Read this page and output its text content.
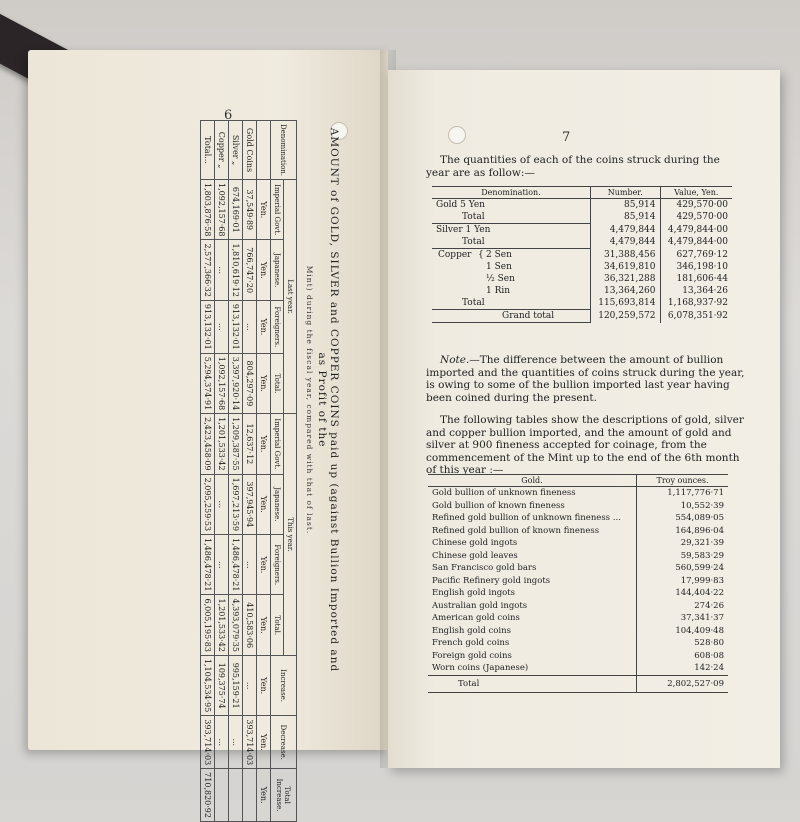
6
AMOUNT of GOLD, SILVER and COPPER COINS paid up (against Bullion Imported and as Profit of the
Mint) during the fiscal year, compared with that of last.
Denomination.	Last year.				This year.				Increase.	Decrease.	Total Increase.
	Imperial Govt.	Japanese.	Foreigners.	Total.	Imperial Govt.	Japanese.	Foreigners.	Total.			
	Yen.	Yen.	Yen.	Yen.	Yen.	Yen.	Yen.	Yen.	Yen.	Yen.	Yen.
Gold Coins	37,549·89	766,747·20	...	804,297·09	12,637·12	397,945·94	...	410,583·06	...	393,714·03	
Silver „	674,169·01	1,810,619·12	913,132·01	3,397,920·14	1,209,387·55	1,697,213·59	1,486,478·21	4,393,079·35	995,159·21	...	
Copper „	1,092,157·68	...	...	1,092,157·68	1,201,533·42	...	...	1,201,533·42	109,375·74	...	
Total...	1,803,876·58	2,577,366·32	913,132·01	5,294,374·91	2,423,458·09	2,095,259·53	1,486,478·21	6,005,195·83	1,104,534·95	393,714·03	710,820·92
7
The quantities of each of the coins struck during the year are as follow:—
Denomination.	Number.	Value, Yen.
Gold 5 Yen	85,914	429,570·00
Total	85,914	429,570·00
Silver 1 Yen	4,479,844	4,479,844·00
Total	4,479,844	4,479,844·00
Copper { 2 Sen	31,388,456	627,769·12
1 Sen	34,619,810	346,198·10
½ Sen	36,321,288	181,606·44
1 Rin	13,364,260	13,364·26
Total	115,693,814	1,168,937·92
Grand total	120,259,572	6,078,351·92
Note.—The difference between the amount of bullion imported and the quantities of coins struck during the year, is owing to some of the bullion imported last year having been coined during the present.
The following tables show the descriptions of gold, silver and copper bullion imported, and the amount of gold and silver at 900 fineness accepted for coinage, from the commencement of the Mint up to the end of the 6th month of this year :—
Gold.	Troy ounces.
Gold bullion of unknown fineness	1,117,776·71
Gold bullion of known fineness	10,552·39
Refined gold bullion of unknown fineness ...	554,089·05
Refined gold bullion of known fineness	164,896·04
Chinese gold ingots	29,321·39
Chinese gold leaves	59,583·29
San Francisco gold bars	560,599·24
Pacific Refinery gold ingots	17,999·83
English gold ingots	144,404·22
Australian gold ingots	274·26
American gold coins	37,341·37
English gold coins	104,409·48
French gold coins	528·80
Foreign gold coins	608·08
Worn coins (Japanese)	142·24
Total	2,802,527·09
